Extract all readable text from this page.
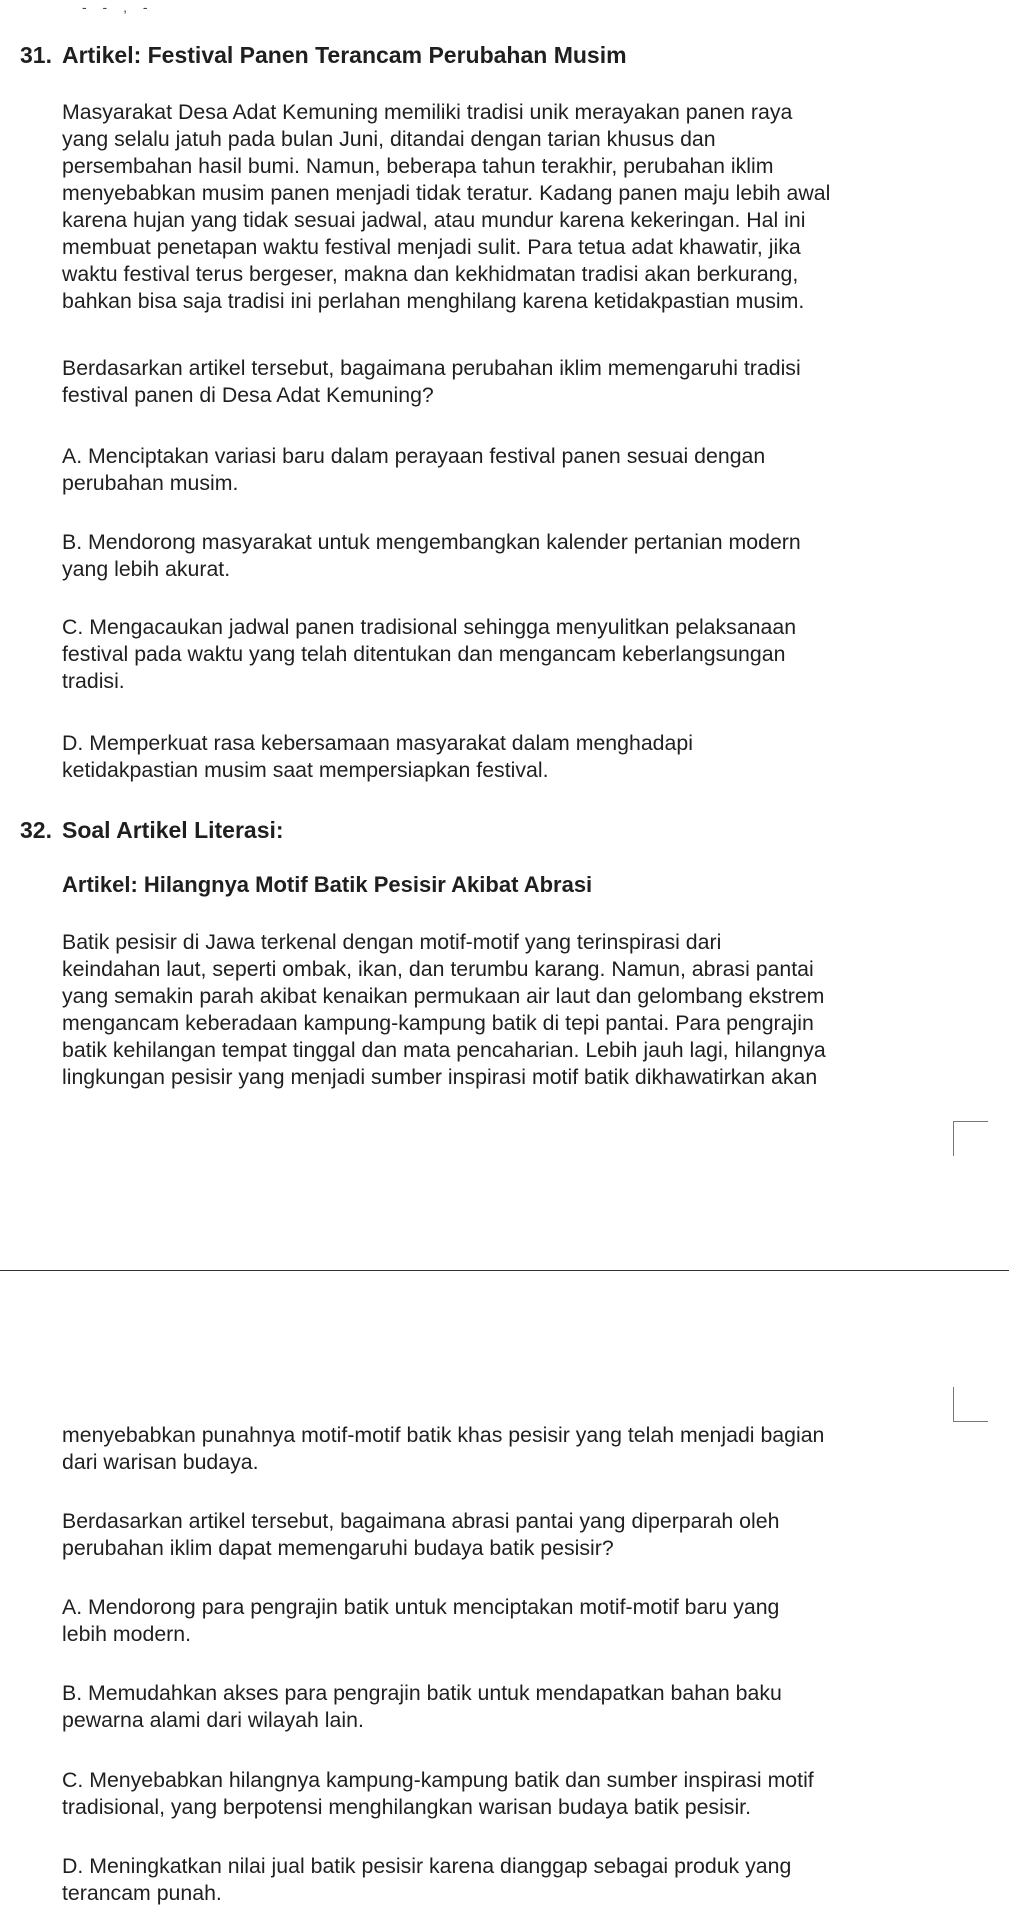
- - , -
31. Artikel: Festival Panen Terancam Perubahan Musim

Masyarakat Desa Adat Kemuning memiliki tradisi unik merayakan panen raya
yang selalu jatuh pada bulan Juni, ditandai dengan tarian khusus dan
persembahan hasil bumi. Namun, beberapa tahun terakhir, perubahan iklim
menyebabkan musim panen menjadi tidak teratur. Kadang panen maju lebih awal
karena hujan yang tidak sesuai jadwal, atau mundur karena kekeringan. Hal ini
membuat penetapan waktu festival menjadi sulit. Para tetua adat khawatir, jika
waktu festival terus bergeser, makna dan kekhidmatan tradisi akan berkurang,
bahkan bisa saja tradisi ini perlahan menghilang karena ketidakpastian musim.

Berdasarkan artikel tersebut, bagaimana perubahan iklim memengaruhi tradisi
festival panen di Desa Adat Kemuning?

A. Menciptakan variasi baru dalam perayaan festival panen sesuai dengan
perubahan musim.

B. Mendorong masyarakat untuk mengembangkan kalender pertanian modern
yang lebih akurat.

C. Mengacaukan jadwal panen tradisional sehingga menyulitkan pelaksanaan
festival pada waktu yang telah ditentukan dan mengancam keberlangsungan
tradisi.

D. Memperkuat rasa kebersamaan masyarakat dalam menghadapi
ketidakpastian musim saat mempersiapkan festival.

32. Soal Artikel Literasi:
Artikel: Hilangnya Motif Batik Pesisir Akibat Abrasi

Batik pesisir di Jawa terkenal dengan motif-motif yang terinspirasi dari
keindahan laut, seperti ombak, ikan, dan terumbu karang. Namun, abrasi pantai
yang semakin parah akibat kenaikan permukaan air laut dan gelombang ekstrem
mengancam keberadaan kampung-kampung batik di tepi pantai. Para pengrajin
batik kehilangan tempat tinggal dan mata pencaharian. Lebih jauh lagi, hilangnya
lingkungan pesisir yang menjadi sumber inspirasi motif batik dikhawatirkan akan

menyebabkan punahnya motif-motif batik khas pesisir yang telah menjadi bagian
dari warisan budaya.

Berdasarkan artikel tersebut, bagaimana abrasi pantai yang diperparah oleh
perubahan iklim dapat memengaruhi budaya batik pesisir?

A. Mendorong para pengrajin batik untuk menciptakan motif-motif baru yang
lebih modern.

B. Memudahkan akses para pengrajin batik untuk mendapatkan bahan baku
pewarna alami dari wilayah lain.

C. Menyebabkan hilangnya kampung-kampung batik dan sumber inspirasi motif
tradisional, yang berpotensi menghilangkan warisan budaya batik pesisir.

D. Meningkatkan nilai jual batik pesisir karena dianggap sebagai produk yang
terancam punah.
